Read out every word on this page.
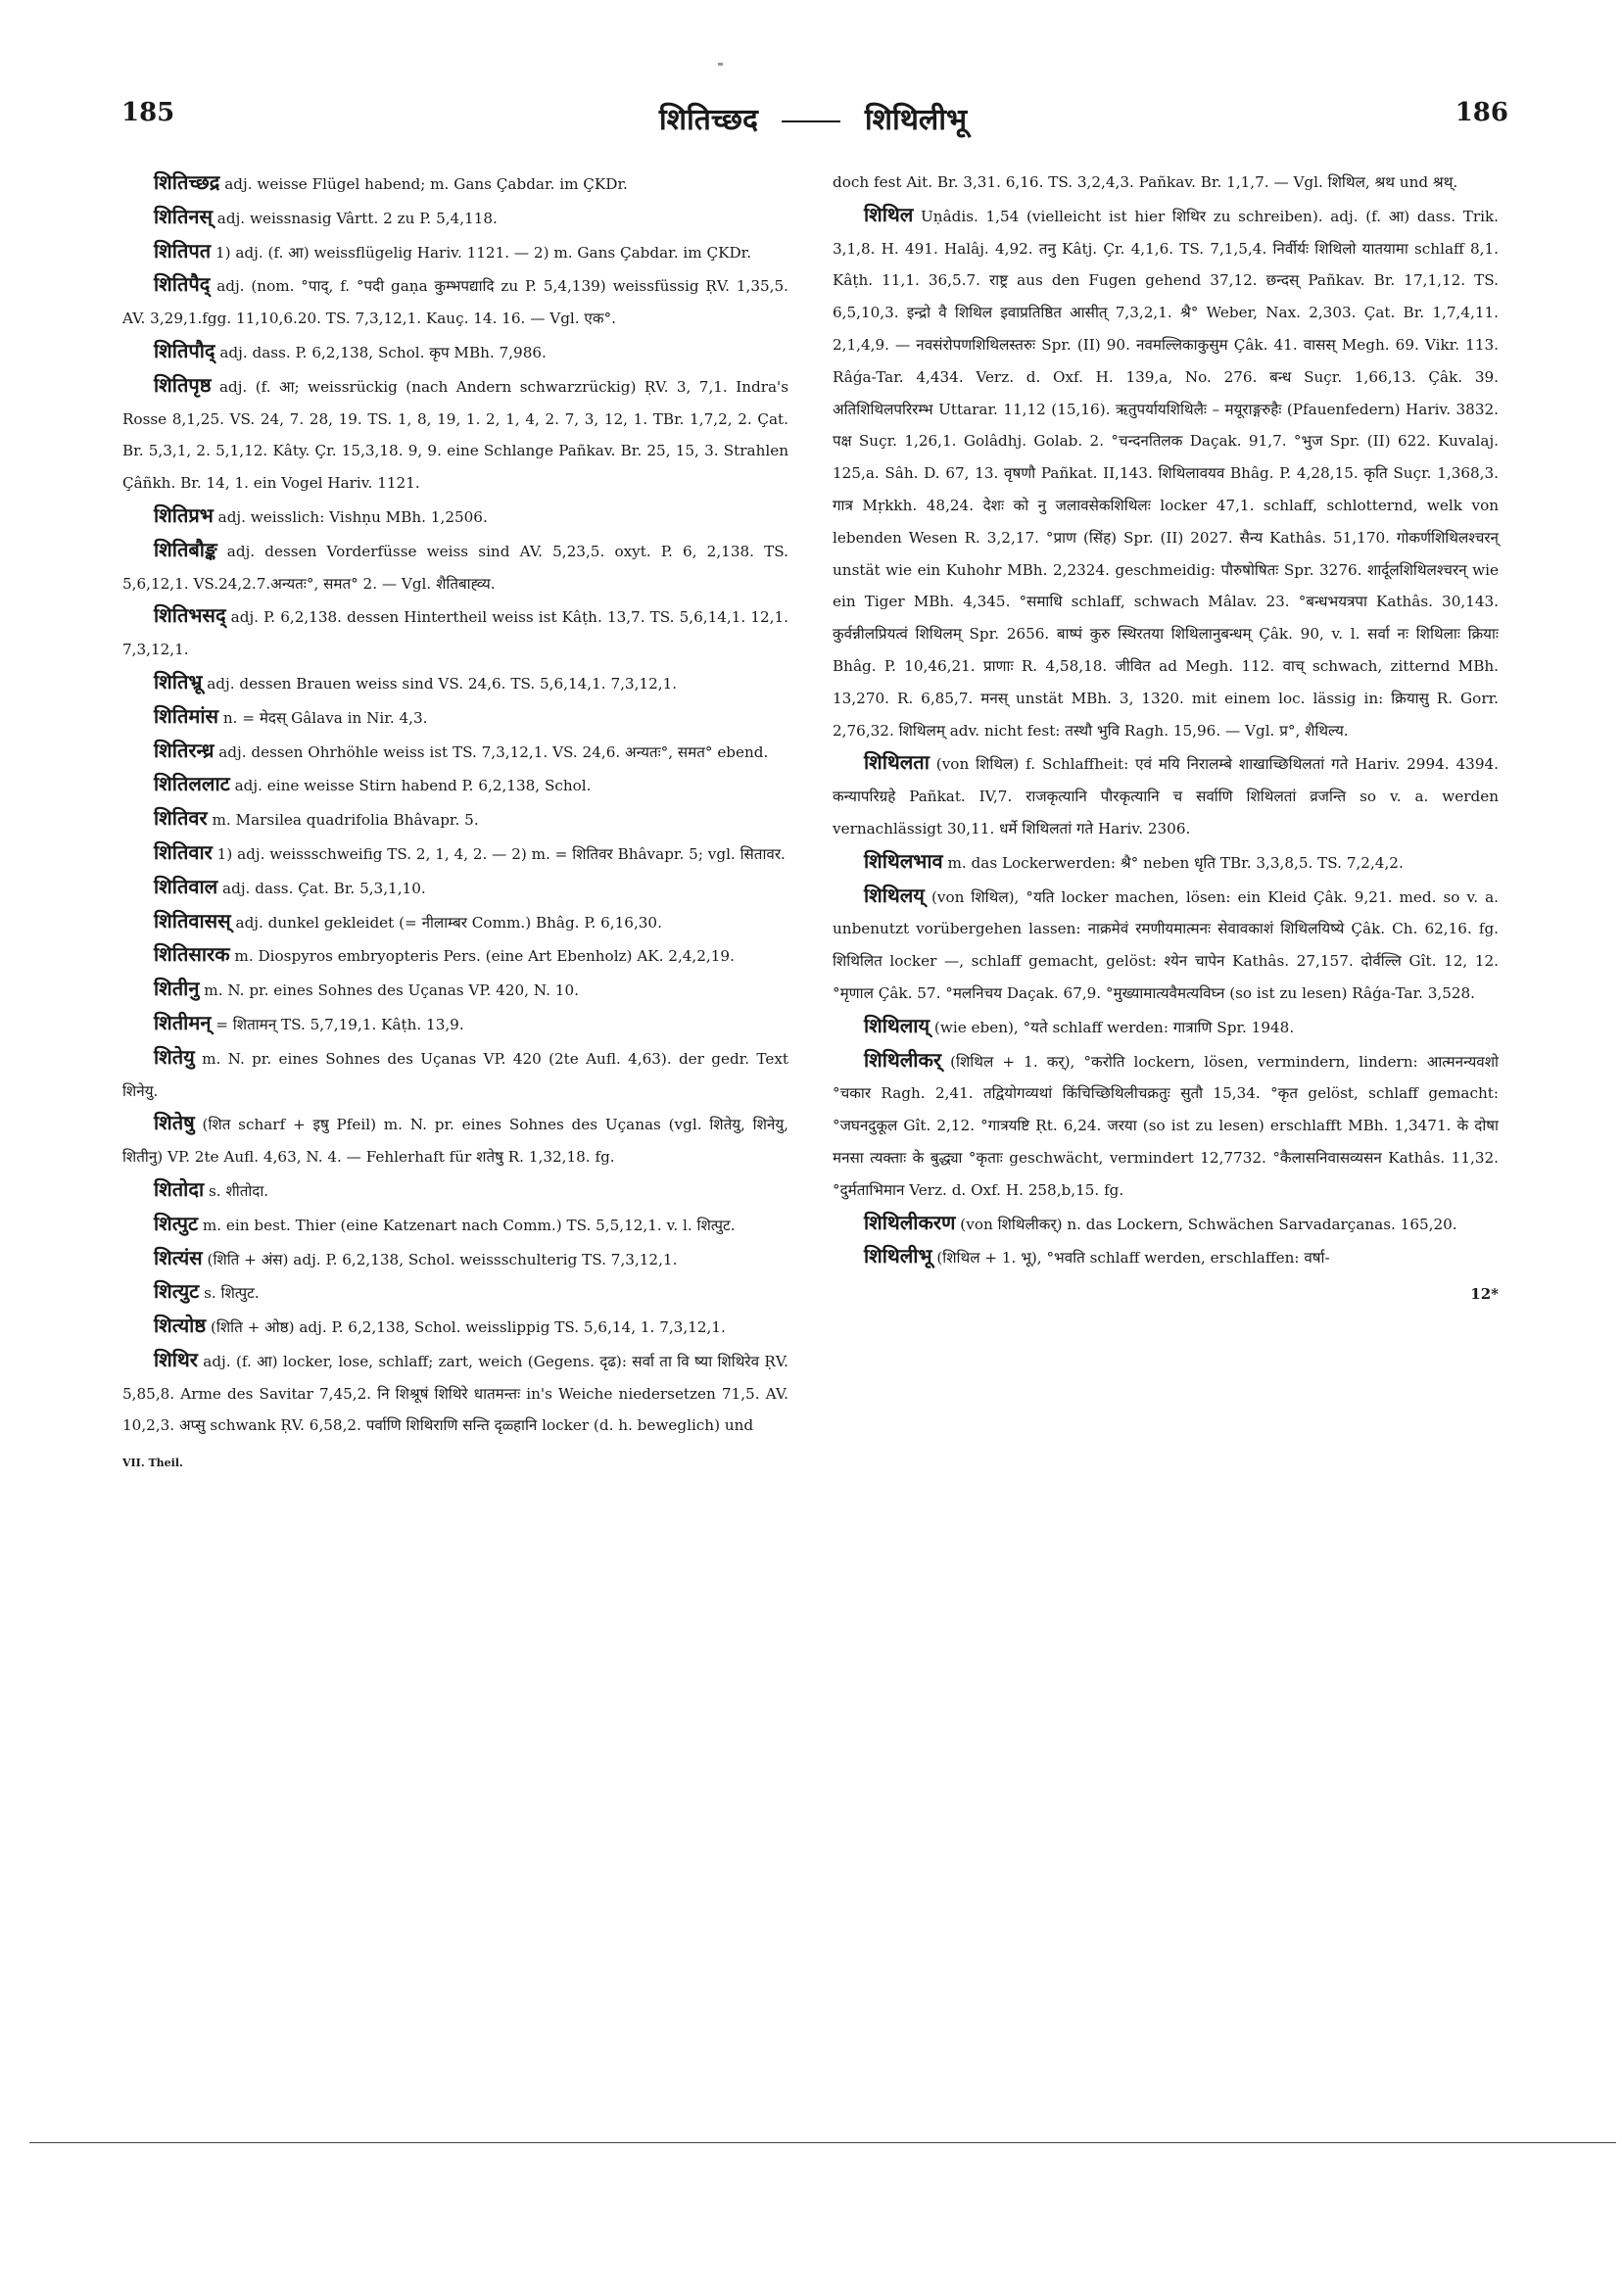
185	शितिच्छद	शिथिलीभू	186

शितिच्छद्र adj. weisse Flügel habend; m. Gans Çabdar. im ÇKDr.

शितिनस् adj. weissnasig Vârtt. 2 zu P. 5,4,118.

शितिपत 1) adj. (f. आ) weissflügelig Hariv. 1121. — 2) m. Gans Çabdar. im ÇKDr.

शितिपैद् adj. (nom. °पाद्, f. °पदी gaṇa कुम्भपद्यादि zu P. 5,4,139) weissfüssig ṚV. 1,35,5. AV. 3,29,1.fgg. 11,10,6.20. TS. 7,3,12,1. Kauç. 14. 16. — Vgl. एक°.

शितिपौद् adj. dass. P. 6,2,138, Schol. कृप MBh. 7,986.

शितिपृष्ठ adj. (f. आ; weissrückig (nach Andern schwarzrückig) ṚV. 3, 7,1. Indra's Rosse 8,1,25. VS. 24, 7. 28, 19. TS. 1, 8, 19, 1. 2, 1, 4, 2. 7, 3, 12, 1. TBr. 1,7,2, 2. Çat. Br. 5,3,1, 2. 5,1,12. Kâty. Çr. 15,3,18. 9, 9. eine Schlange Pañkav. Br. 25, 15, 3. Strahlen Çâñkh. Br. 14, 1. ein Vogel Hariv. 1121.

शितिप्रभ adj. weisslich: Vishṇu MBh. 1,2506.

शितिबौङ्क adj. dessen Vorderfüsse weiss sind AV. 5,23,5. oxyt. P. 6, 2,138. TS. 5,6,12,1. VS.24,2.7.अन्यतः°, समत° 2. — Vgl. शैतिबाह्व्य.

शितिभसद् adj. P. 6,2,138. dessen Hintertheil weiss ist Kâṭh. 13,7. TS. 5,6,14,1. 12,1. 7,3,12,1.

शितिभ्रू adj. dessen Brauen weiss sind VS. 24,6. TS. 5,6,14,1. 7,3,12,1.

शितिमांस n. = मेदस् Gâlava in Nir. 4,3.

शितिरन्ध्र adj. dessen Ohrhöhle weiss ist TS. 7,3,12,1. VS. 24,6. अन्यतः°, समत° ebend.

शितिललाट adj. eine weisse Stirn habend P. 6,2,138, Schol.

शितिवर m. Marsilea quadrifolia Bhâvapr. 5.

शितिवार 1) adj. weissschweifig TS. 2, 1, 4, 2. — 2) m. = शितिवर Bhâvapr. 5; vgl. सितावर.

शितिवाल adj. dass. Çat. Br. 5,3,1,10.

शितिवासस् adj. dunkel gekleidet (= नीलाम्बर Comm.) Bhâg. P. 6,16,30.

शितिसारक m. Diospyros embryopteris Pers. (eine Art Ebenholz) AK. 2,4,2,19.

शितीनु m. N. pr. eines Sohnes des Uçanas VP. 420, N. 10.

शितीमन् = शितामन् TS. 5,7,19,1. Kâṭh. 13,9.

शितेयु m. N. pr. eines Sohnes des Uçanas VP. 420 (2te Aufl. 4,63). der gedr. Text शिनेयु.

शितेषु (शित scharf + इषु Pfeil) m. N. pr. eines Sohnes des Uçanas (vgl. शितेयु, शिनेयु, शितीनु) VP. 2te Aufl. 4,63, N. 4. — Fehlerhaft für शतेषु R. 1,32,18. fg.

शितोदा s. शीतोदा.

शित्पुट m. ein best. Thier (eine Katzenart nach Comm.) TS. 5,5,12,1. v. l. शित्पुट.

शित्यंस (शिति + अंस) adj. P. 6,2,138, Schol. weissschulterig TS. 7,3,12,1.

शित्युट s. शित्पुट.

शित्योष्ठ (शिति + ओष्ठ) adj. P. 6,2,138, Schol. weisslippig TS. 5,6,14, 1. 7,3,12,1.

शिथिर adj. (f. आ) locker, lose, schlaff; zart, weich (Gegens. दृढ): सर्वा ता वि ष्या शिथिरेव ṚV. 5,85,8. Arme des Savitar 7,45,2. नि शिश्रूषं शिथिरे धातमन्तः in's Weiche niedersetzen 71,5. AV. 10,2,3. अप्सु schwank ṚV. 6,58,2. पर्वाणि शिथिराणि सन्ति दृळ्हानि locker (d. h. beweglich) und

VII. Theil.

doch fest Ait. Br. 3,31. 6,16. TS. 3,2,4,3. Pañkav. Br. 1,1,7. — Vgl. शिथिल, श्रथ und श्रथ्.

शिथिल Uṇâdis. 1,54 (vielleicht ist hier शिथिर zu schreiben). adj. (f. आ) dass. Trik. 3,1,8. H. 491. Halâj. 4,92. तनु Kâtj. Çr. 4,1,6. TS. 7,1,5,4. निर्वीर्यः शिथिलो यातयामा schlaff 8,1. Kâṭh. 11,1. 36,5.7. राष्ट्र aus den Fugen gehend 37,12. छन्दस् Pañkav. Br. 17,1,12. TS. 6,5,10,3. इन्द्रो वै शिथिल इवाप्रतिष्ठित आसीत् 7,3,2,1. श्रै° Weber, Nax. 2,303. Çat. Br. 1,7,4,11. 2,1,4,9. — नवसंरोपणशिथिलस्तरुः Spr. (II) 90. नवमल्लिकाकुसुम Çâk. 41. वासस् Megh. 69. Vikr. 113. Râǵa-Tar. 4,434. Verz. d. Oxf. H. 139,a, No. 276. बन्ध Suçr. 1,66,13. Çâk. 39. अतिशिथिलपरिरम्भ Uttarar. 11,12 (15,16). ऋतुपर्यायशिथिलैः – मयूराङ्गरुहैः (Pfauenfedern) Hariv. 3832. पक्ष Suçr. 1,26,1. Golâdhj. Golab. 2. °चन्दनतिलक Daçak. 91,7. °भुज Spr. (II) 622. Kuvalaj. 125,a. Sâh. D. 67, 13. वृषणौ Pañkat. II,143. शिथिलावयव Bhâg. P. 4,28,15. कृति Suçr. 1,368,3. गात्र Mṛkkh. 48,24. देशः को नु जलावसेकशिथिलः locker 47,1. schlaff, schlotternd, welk von lebenden Wesen R. 3,2,17. °प्राण (सिंह) Spr. (II) 2027. सैन्य Kathâs. 51,170. गोकर्णशिथिलश्चरन् unstät wie ein Kuhohr MBh. 2,2324. geschmeidig: पौरुषोषितः Spr. 3276. शार्दूलशिथिलश्चरन् wie ein Tiger MBh. 4,345. °समाधि schlaff, schwach Mâlav. 23. °बन्धभयत्रपा Kathâs. 30,143. कुर्वन्नीलप्रियत्वं शिथिलम् Spr. 2656. बाष्पं कुरु स्थिरतया शिथिलानुबन्धम् Çâk. 90, v. l. सर्वा नः शिथिलाः क्रियाः Bhâg. P. 10,46,21. प्राणाः R. 4,58,18. जीवित ad Megh. 112. वाच् schwach, zitternd MBh. 13,270. R. 6,85,7. मनस् unstät MBh. 3, 1320. mit einem loc. lässig in: क्रियासु R. Gorr. 2,76,32. शिथिलम् adv. nicht fest: तस्थौ भुवि Ragh. 15,96. — Vgl. प्र°, शैथिल्य.

शिथिलता (von शिथिल) f. Schlaffheit: एवं मयि निरालम्बे शाखाच्छिथिलतां गते Hariv. 2994. 4394. कन्यापरिग्रहे Pañkat. IV,7. राजकृत्यानि पौरकृत्यानि च सर्वाणि शिथिलतां व्रजन्ति so v. a. werden vernachlässigt 30,11. धर्मे शिथिलतां गते Hariv. 2306.

शिथिलभाव m. das Lockerwerden: श्रै° neben धृति TBr. 3,3,8,5. TS. 7,2,4,2.

शिथिलय् (von शिथिल), °यति locker machen, lösen: ein Kleid Çâk. 9,21. med. so v. a. unbenutzt vorübergehen lassen: नाक्रमेवं रमणीयमात्मनः सेवावकाशं शिथिलयिष्ये Çâk. Ch. 62,16. fg. शिथिलित locker —, schlaff gemacht, gelöst: श्येन चापेन Kathâs. 27,157. दोर्वल्लि Gît. 12, 12. °मृणाल Çâk. 57. °मलनिचय Daçak. 67,9. °मुख्यामात्यवैमत्यविघ्न (so ist zu lesen) Râǵa-Tar. 3,528.

शिथिलाय् (wie eben), °यते schlaff werden: गात्राणि Spr. 1948.

शिथिलीकर् (शिथिल + 1. कर्), °करोति lockern, lösen, vermindern, lindern: आत्मनन्यवशो °चकार Ragh. 2,41. तद्वियोगव्यथां किंचिच्छिथिलीचक्रतुः सुतौ 15,34. °कृत gelöst, schlaff gemacht: °जघनदुकूल Gît. 2,12. °गात्रयष्टि Ṛt. 6,24. जरया (so ist zu lesen) erschlafft MBh. 1,3471. के दोषा मनसा त्यक्ताः के बुद्ध्या °कृताः geschwächt, vermindert 12,7732. °कैलासनिवासव्यसन Kathâs. 11,32. °दुर्मताभिमान Verz. d. Oxf. H. 258,b,15. fg.

शिथिलीकरण (von शिथिलीकर्) n. das Lockern, Schwächen Sarvadarçanas. 165,20.

शिथिलीभू (शिथिल + 1. भू), °भवति schlaff werden, erschlaffen: वर्षा-

12*
